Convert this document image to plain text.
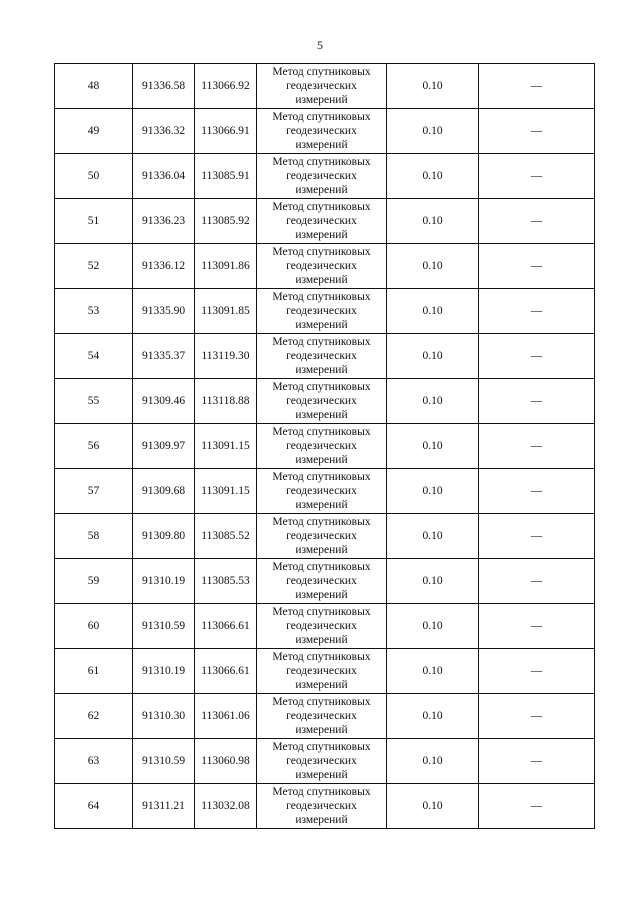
5
48	91336.58	113066.92	Метод спутниковых геодезических измерений	0.10	—
49	91336.32	113066.91	Метод спутниковых геодезических измерений	0.10	—
50	91336.04	113085.91	Метод спутниковых геодезических измерений	0.10	—
51	91336.23	113085.92	Метод спутниковых геодезических измерений	0.10	—
52	91336.12	113091.86	Метод спутниковых геодезических измерений	0.10	—
53	91335.90	113091.85	Метод спутниковых геодезических измерений	0.10	—
54	91335.37	113119.30	Метод спутниковых геодезических измерений	0.10	—
55	91309.46	113118.88	Метод спутниковых геодезических измерений	0.10	—
56	91309.97	113091.15	Метод спутниковых геодезических измерений	0.10	—
57	91309.68	113091.15	Метод спутниковых геодезических измерений	0.10	—
58	91309.80	113085.52	Метод спутниковых геодезических измерений	0.10	—
59	91310.19	113085.53	Метод спутниковых геодезических измерений	0.10	—
60	91310.59	113066.61	Метод спутниковых геодезических измерений	0.10	—
61	91310.19	113066.61	Метод спутниковых геодезических измерений	0.10	—
62	91310.30	113061.06	Метод спутниковых геодезических измерений	0.10	—
63	91310.59	113060.98	Метод спутниковых геодезических измерений	0.10	—
64	91311.21	113032.08	Метод спутниковых геодезических измерений	0.10	—
